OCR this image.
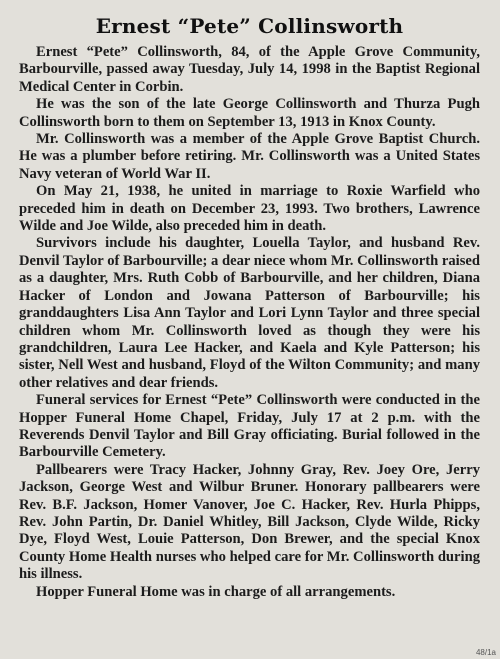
Ernest “Pete” Collinsworth

Ernest “Pete” Collinsworth, 84, of the Apple Grove Community, Barbourville, passed away Tuesday, July 14, 1998 in the Baptist Regional Medical Center in Corbin.

He was the son of the late George Collinsworth and Thurza Pugh Collinsworth born to them on September 13, 1913 in Knox County.

Mr. Collinsworth was a member of the Apple Grove Baptist Church. He was a plumber before retiring. Mr. Collinsworth was a United States Navy veteran of World War II.

On May 21, 1938, he united in marriage to Roxie Warfield who preceded him in death on December 23, 1993. Two brothers, Lawrence Wilde and Joe Wilde, also preceded him in death.

Survivors include his daughter, Louella Taylor, and husband Rev. Denvil Taylor of Barbourville; a dear niece whom Mr. Collinsworth raised as a daughter, Mrs. Ruth Cobb of Barbourville, and her children, Diana Hacker of London and Jowana Patterson of Barbourville; his granddaughters Lisa Ann Taylor and Lori Lynn Taylor and three special children whom Mr. Collinsworth loved as though they were his grandchildren, Laura Lee Hacker, and Kaela and Kyle Patterson; his sister, Nell West and husband, Floyd of the Wilton Community; and many other relatives and dear friends.

Funeral services for Ernest “Pete” Collinsworth were conducted in the Hopper Funeral Home Chapel, Friday, July 17 at 2 p.m. with the Reverends Denvil Taylor and Bill Gray officiating. Burial followed in the Barbourville Cemetery.

Pallbearers were Tracy Hacker, Johnny Gray, Rev. Joey Ore, Jerry Jackson, George West and Wilbur Bruner. Honorary pallbearers were Rev. B.F. Jackson, Homer Vanover, Joe C. Hacker, Rev. Hurla Phipps, Rev. John Partin, Dr. Daniel Whitley, Bill Jackson, Clyde Wilde, Ricky Dye, Floyd West, Louie Patterson, Don Brewer, and the special Knox County Home Health nurses who helped care for Mr. Collinsworth during his illness.

Hopper Funeral Home was in charge of all arrangements.

48/1a
